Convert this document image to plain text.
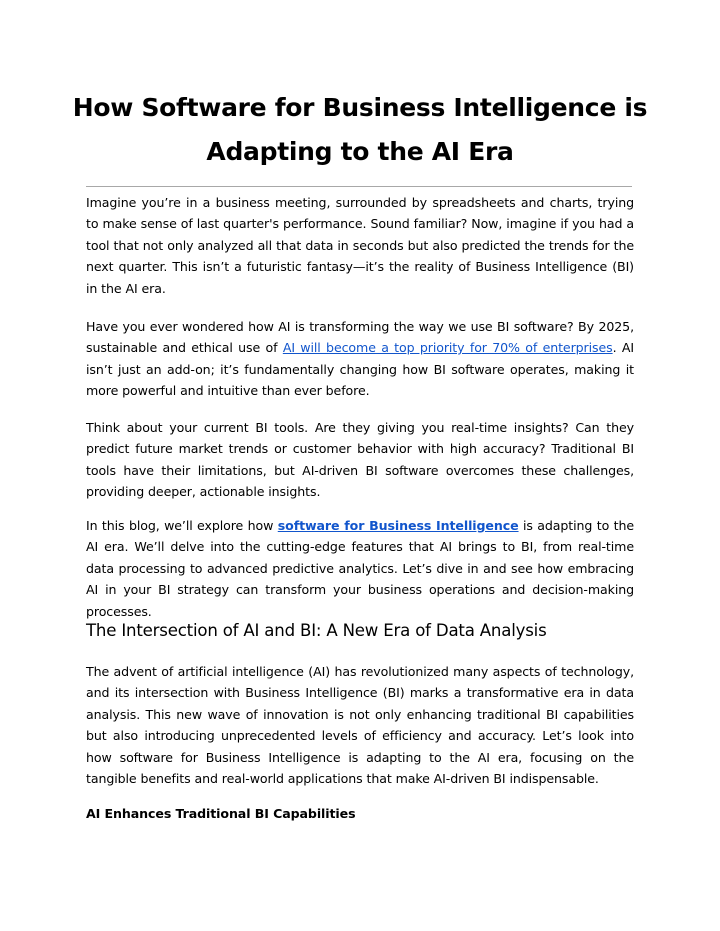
How Software for Business Intelligence is Adapting to the AI Era

Imagine you’re in a business meeting, surrounded by spreadsheets and charts, trying to make sense of last quarter's performance. Sound familiar? Now, imagine if you had a tool that not only analyzed all that data in seconds but also predicted the trends for the next quarter. This isn’t a futuristic fantasy—it’s the reality of Business Intelligence (BI) in the AI era.

Have you ever wondered how AI is transforming the way we use BI software? By 2025, sustainable and ethical use of AI will become a top priority for 70% of enterprises. AI isn’t just an add-on; it’s fundamentally changing how BI software operates, making it more powerful and intuitive than ever before.

Think about your current BI tools. Are they giving you real-time insights? Can they predict future market trends or customer behavior with high accuracy? Traditional BI tools have their limitations, but AI-driven BI software overcomes these challenges, providing deeper, actionable insights.

In this blog, we’ll explore how software for Business Intelligence is adapting to the AI era. We’ll delve into the cutting-edge features that AI brings to BI, from real-time data processing to advanced predictive analytics. Let’s dive in and see how embracing AI in your BI strategy can transform your business operations and decision-making processes.

The Intersection of AI and BI: A New Era of Data Analysis

The advent of artificial intelligence (AI) has revolutionized many aspects of technology, and its intersection with Business Intelligence (BI) marks a transformative era in data analysis. This new wave of innovation is not only enhancing traditional BI capabilities but also introducing unprecedented levels of efficiency and accuracy. Let’s look into how software for Business Intelligence is adapting to the AI era, focusing on the tangible benefits and real-world applications that make AI-driven BI indispensable.

AI Enhances Traditional BI Capabilities
